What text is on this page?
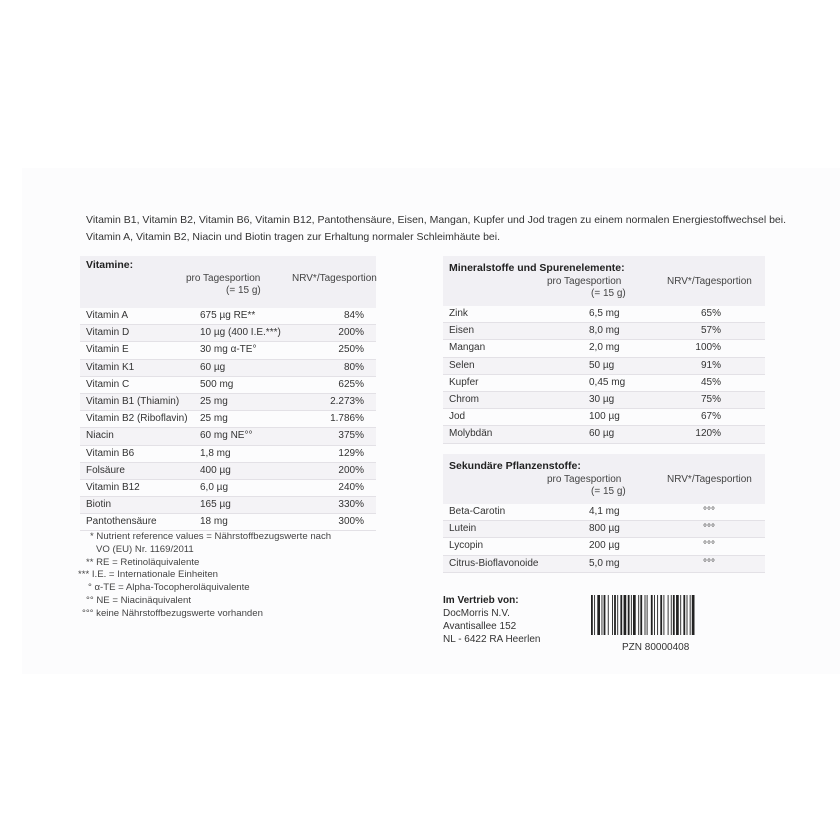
Vitamin B1, Vitamin B2, Vitamin B6, Vitamin B12, Pantothensäure, Eisen, Mangan, Kupfer und Jod tragen zu einem normalen Energiestoffwechsel bei.
Vitamin A, Vitamin B2, Niacin und Biotin tragen zur Erhaltung normaler Schleimhäute bei.
Vitamine:
pro Tagesportion
(= 15 g)
NRV*/Tagesportion
Vitamin A	675 µg RE**	84%
Vitamin D	10 µg (400 I.E.***)	200%
Vitamin E	30 mg α-TE°	250%
Vitamin K1	60 µg	80%
Vitamin C	500 mg	625%
Vitamin B1 (Thiamin) 25 mg	2.273%
Vitamin B2 (Riboflavin) 25 mg	1.786%
Niacin	60 mg NE°°	375%
Vitamin B6	1,8 mg	129%
Folsäure	400 µg	200%
Vitamin B12	6,0 µg	240%
Biotin	165 µg	330%
Pantothensäure	18 mg	300%
Mineralstoffe und Spurenelemente:
pro Tagesportion
(= 15 g)
NRV*/Tagesportion
Zink	6,5 mg	65%
Eisen	8,0 mg	57%
Mangan	2,0 mg	100%
Selen	50 µg	91%
Kupfer	0,45 mg	45%
Chrom	30 µg	75%
Jod	100 µg	67%
Molybdän	60 µg	120%
Sekundäre Pflanzenstoffe:
pro Tagesportion
(= 15 g)
NRV*/Tagesportion
Beta-Carotin	4,1 mg	°°°
Lutein	800 µg	°°°
Lycopin	200 µg	°°°
Citrus-Bioflavonoide	5,0 mg	°°°
* Nutrient reference values = Nährstoffbezugswerte nach
VO (EU) Nr. 1169/2011
** RE = Retinoläquivalente
*** I.E. = Internationale Einheiten
° α-TE = Alpha-Tocopheroläquivalente
°° NE = Niacinäquivalent
°°° keine Nährstoffbezugswerte vorhanden
Im Vertrieb von:
DocMorris N.V.
Avantisallee 152
NL - 6422 RA Heerlen
PZN 80000408
